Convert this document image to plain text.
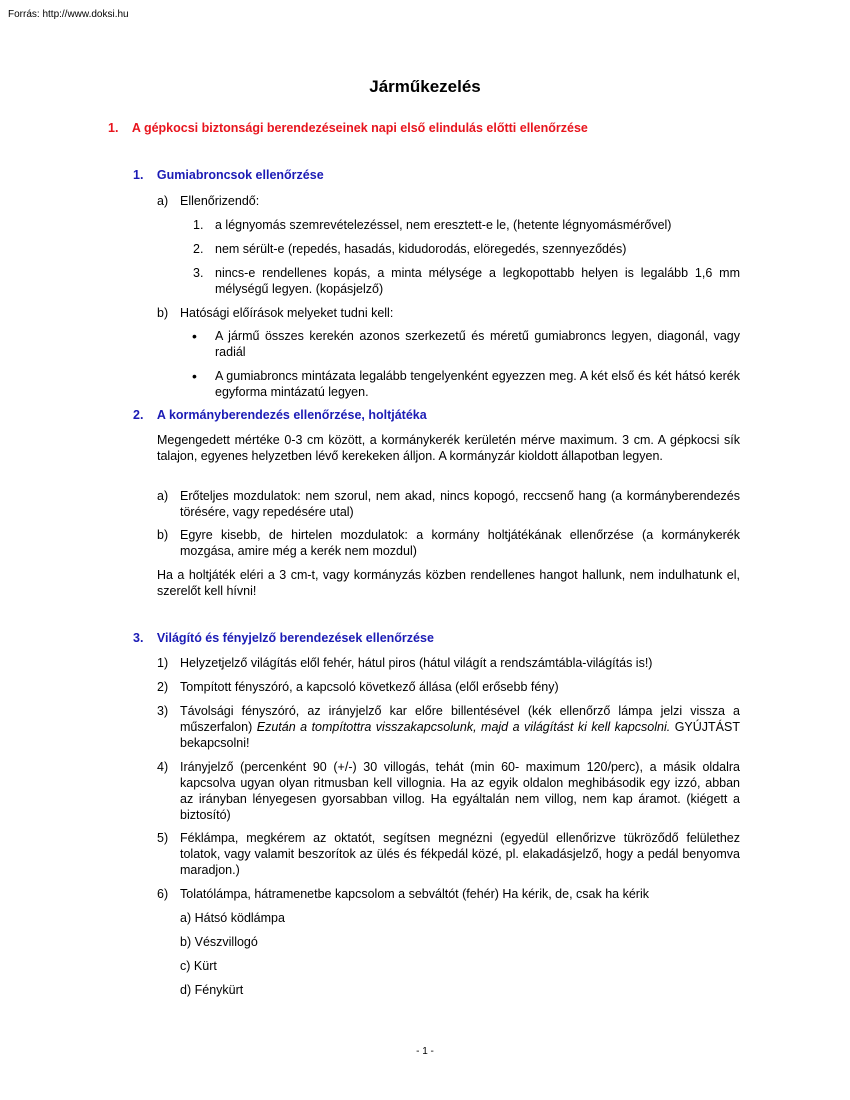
Forrás: http://www.doksi.hu
Járműkezelés
1. A gépkocsi biztonsági berendezéseinek napi első elindulás előtti ellenőrzése
1. Gumiabroncsok ellenőrzése
a) Ellenőrizendő:
1. a légnyomás szemrevételezéssel, nem eresztett-e le, (hetente légnyomásmérővel)
2. nem sérült-e (repedés, hasadás, kidudorodás, elöregedés, szennyeződés)
3. nincs-e rendellenes kopás, a minta mélysége a legkopottabb helyen is legalább 1,6 mm mélységű legyen. (kopásjelző)
b) Hatósági előírások melyeket tudni kell:
• A jármű összes kerekén azonos szerkezetű és méretű gumiabroncs legyen, diagonál, vagy radiál
• A gumiabroncs mintázata legalább tengelyenként egyezzen meg. A két első és két hátsó kerék egyforma mintázatú legyen.
2. A kormányberendezés ellenőrzése, holtjátéka
Megengedett mértéke 0-3 cm között, a kormánykerék kerületén mérve maximum. 3 cm. A gépkocsi sík talajon, egyenes helyzetben lévő kerekeken álljon. A kormányzár kioldott állapotban legyen.
a) Erőteljes mozdulatok: nem szorul, nem akad, nincs kopogó, reccsenő hang (a kormányberendezés törésére, vagy repedésére utal)
b) Egyre kisebb, de hirtelen mozdulatok: a kormány holtjátékának ellenőrzése (a kormánykerék mozgása, amire még a kerék nem mozdul)
Ha a holtjáték eléri a 3 cm-t, vagy kormányzás közben rendellenes hangot hallunk, nem indulhatunk el, szerelőt kell hívni!
3. Világító és fényjelző berendezések ellenőrzése
1) Helyzetjelző világítás elől fehér, hátul piros (hátul világít a rendszámtábla-világítás is!)
2) Tompított fényszóró, a kapcsoló következő állása (elől erősebb fény)
3) Távolsági fényszóró, az irányjelző kar előre billentésével (kék ellenőrző lámpa jelzi vissza a műszerfalon) Ezután a tompítottra visszakapcsolunk, majd a világítást ki kell kapcsolni. GYÚJTÁST bekapcsolni!
4) Irányjelző (percenként 90 (+/-) 30 villogás, tehát (min 60- maximum 120/perc), a másik oldalra kapcsolva ugyan olyan ritmusban kell villognia. Ha az egyik oldalon meghibásodik egy izzó, abban az irányban lényegesen gyorsabban villog. Ha egyáltalán nem villog, nem kap áramot. (kiégett a biztosító)
5) Féklámpa, megkérem az oktatót, segítsen megnézni (egyedül ellenőrizve tükröződő felülethez tolatok, vagy valamit beszorítok az ülés és fékpedál közé, pl. elakadásjelző, hogy a pedál benyomva maradjon.)
6) Tolatólámpa, hátramenetbe kapcsolom a sebváltót (fehér) Ha kérik, de, csak ha kérik
a) Hátsó ködlámpa
b) Vészvillogó
c) Kürt
d) Fénykürt
- 1 -
